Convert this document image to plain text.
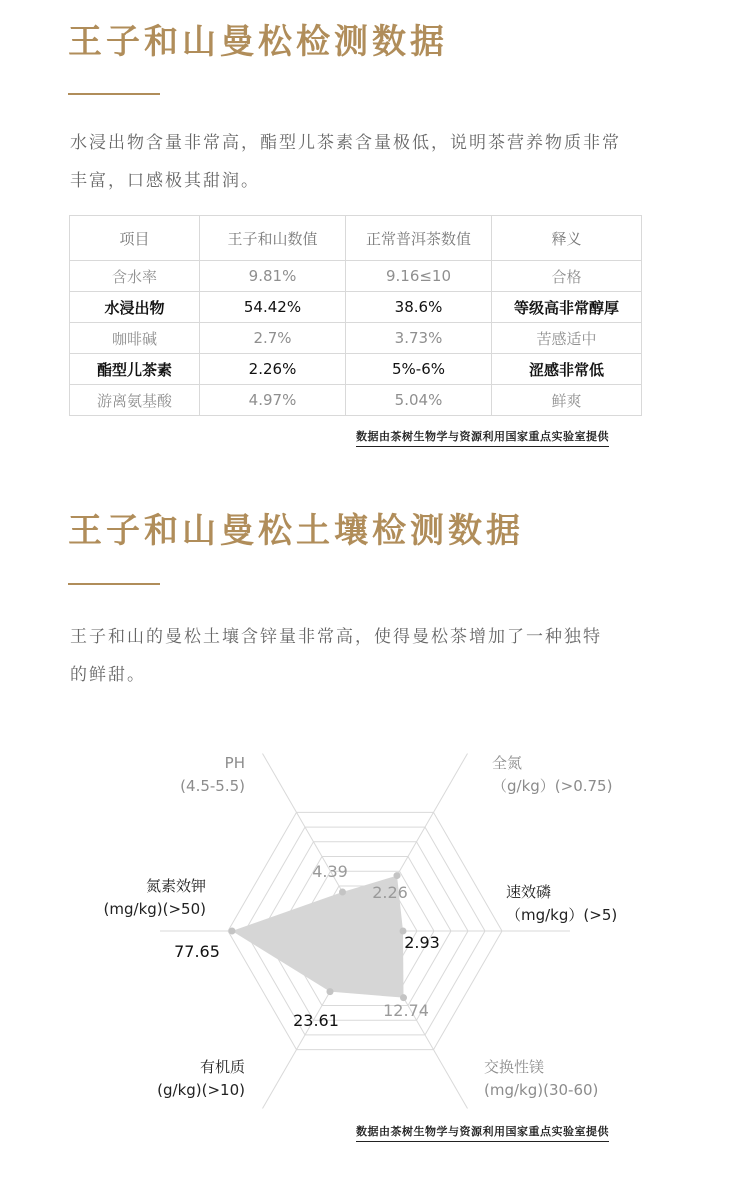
王子和山曼松检测数据

水浸出物含量非常高，酯型儿茶素含量极低，说明茶营养物质非常
丰富，口感极其甜润。

项目	王子和山数值	正常普洱茶数值	释义
含水率	9.81%	9.16≤10	合格
水浸出物	54.42%	38.6%	等级高非常醇厚
咖啡碱	2.7%	3.73%	苦感适中
酯型儿茶素	2.26%	5%-6%	涩感非常低
游离氨基酸	4.97%	5.04%	鲜爽
数据由茶树生物学与资源利用国家重点实验室提供
王子和山曼松土壤检测数据

王子和山的曼松土壤含锌量非常高，使得曼松茶增加了一种独特
的鲜甜。

4.39
2.26
2.93
12.74
23.61
77.65
PH
(4.5-5.5)
全氮
（g/kg）(>0.75)
速效磷
（mg/kg）(>5)
交换性镁
(mg/kg)(30-60)
有机质
(g/kg)(>10)
氮素效钾
(mg/kg)(>50)
数据由茶树生物学与资源利用国家重点实验室提供
